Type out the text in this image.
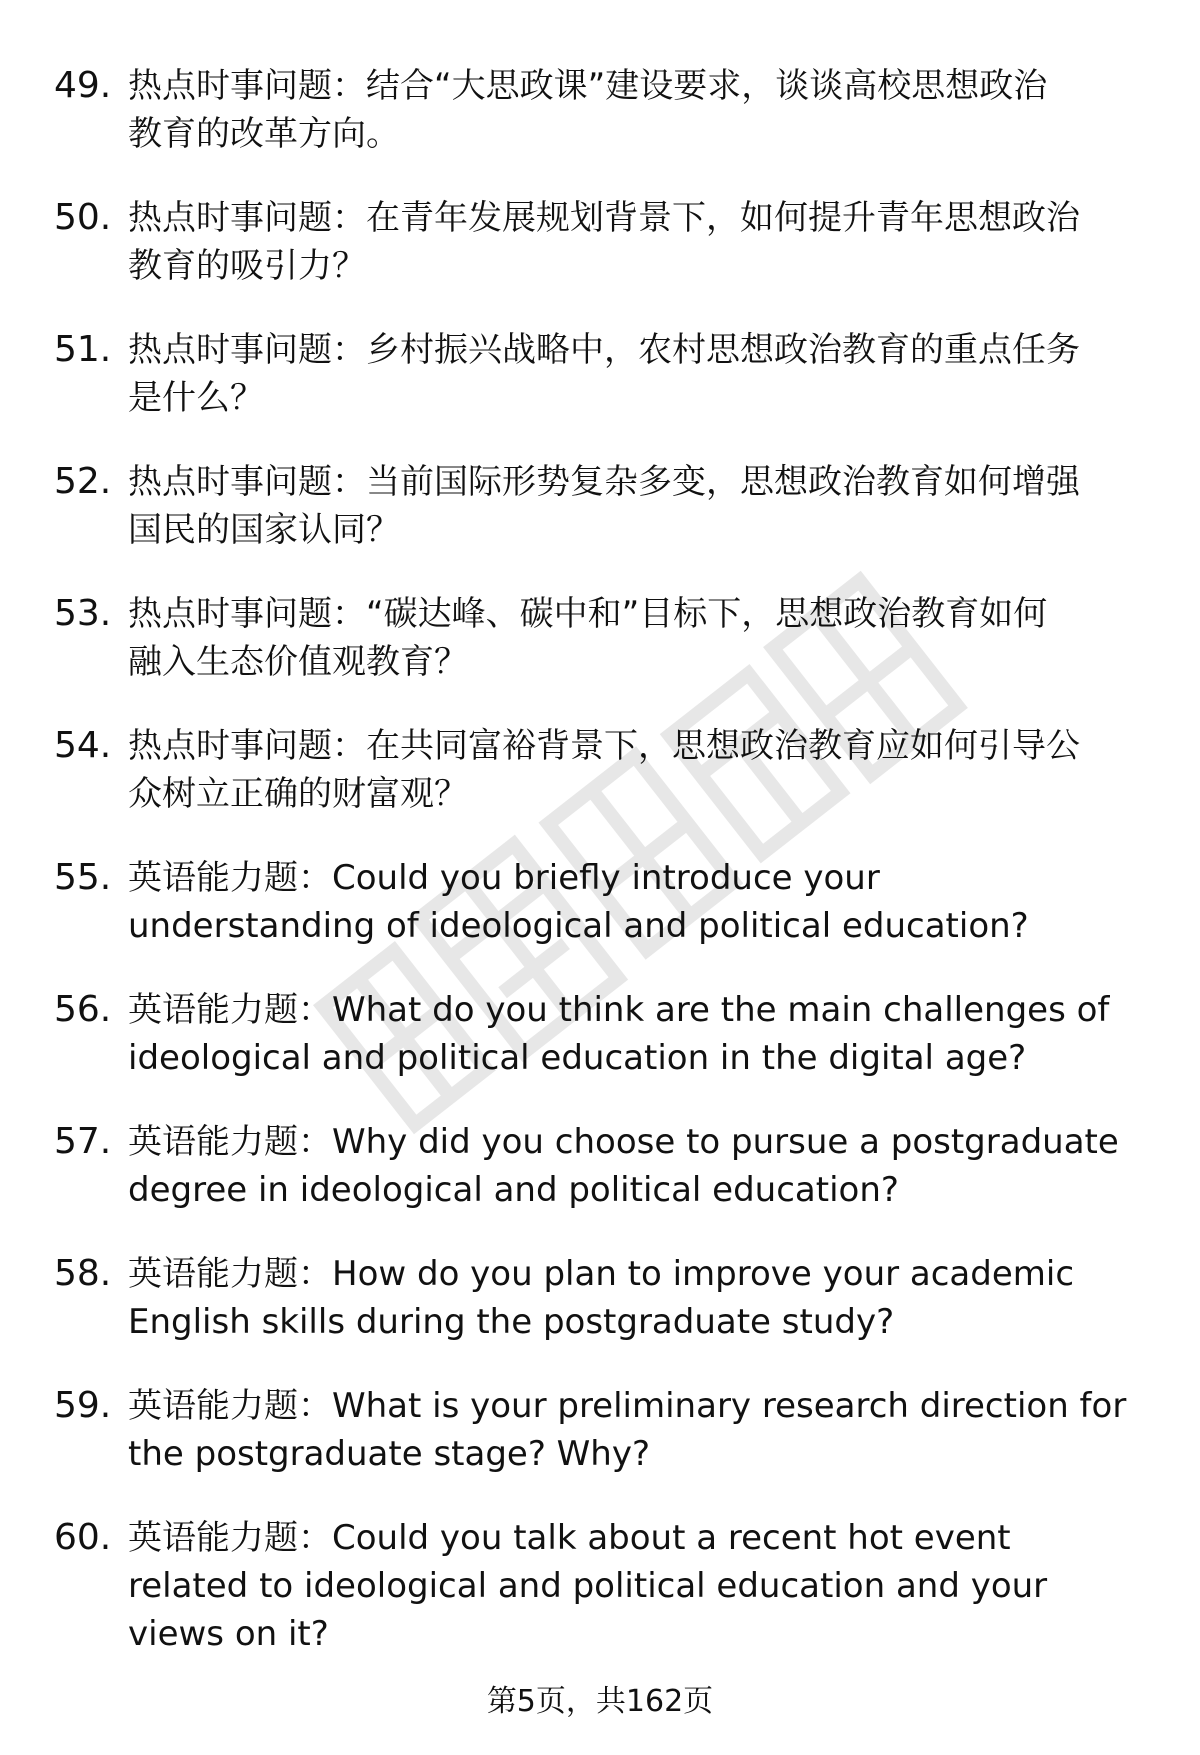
49. 热点时事问题：结合“大思政课”建设要求，谈谈高校思想政治
教育的改革方向。
50. 热点时事问题：在青年发展规划背景下，如何提升青年思想政治
教育的吸引力？
51. 热点时事问题：乡村振兴战略中，农村思想政治教育的重点任务
是什么？
52. 热点时事问题：当前国际形势复杂多变，思想政治教育如何增强
国民的国家认同？
53. 热点时事问题：“碳达峰、碳中和”目标下，思想政治教育如何
融入生态价值观教育？
54. 热点时事问题：在共同富裕背景下，思想政治教育应如何引导公
众树立正确的财富观？
55. 英语能力题：Could you briefly introduce your
understanding of ideological and political education?
56. 英语能力题：What do you think are the main challenges of
ideological and political education in the digital age?
57. 英语能力题：Why did you choose to pursue a postgraduate
degree in ideological and political education?
58. 英语能力题：How do you plan to improve your academic
English skills during the postgraduate study?
59. 英语能力题：What is your preliminary research direction for
the postgraduate stage? Why?
60. 英语能力题：Could you talk about a recent hot event
related to ideological and political education and your
views on it?
第5页，共162页
